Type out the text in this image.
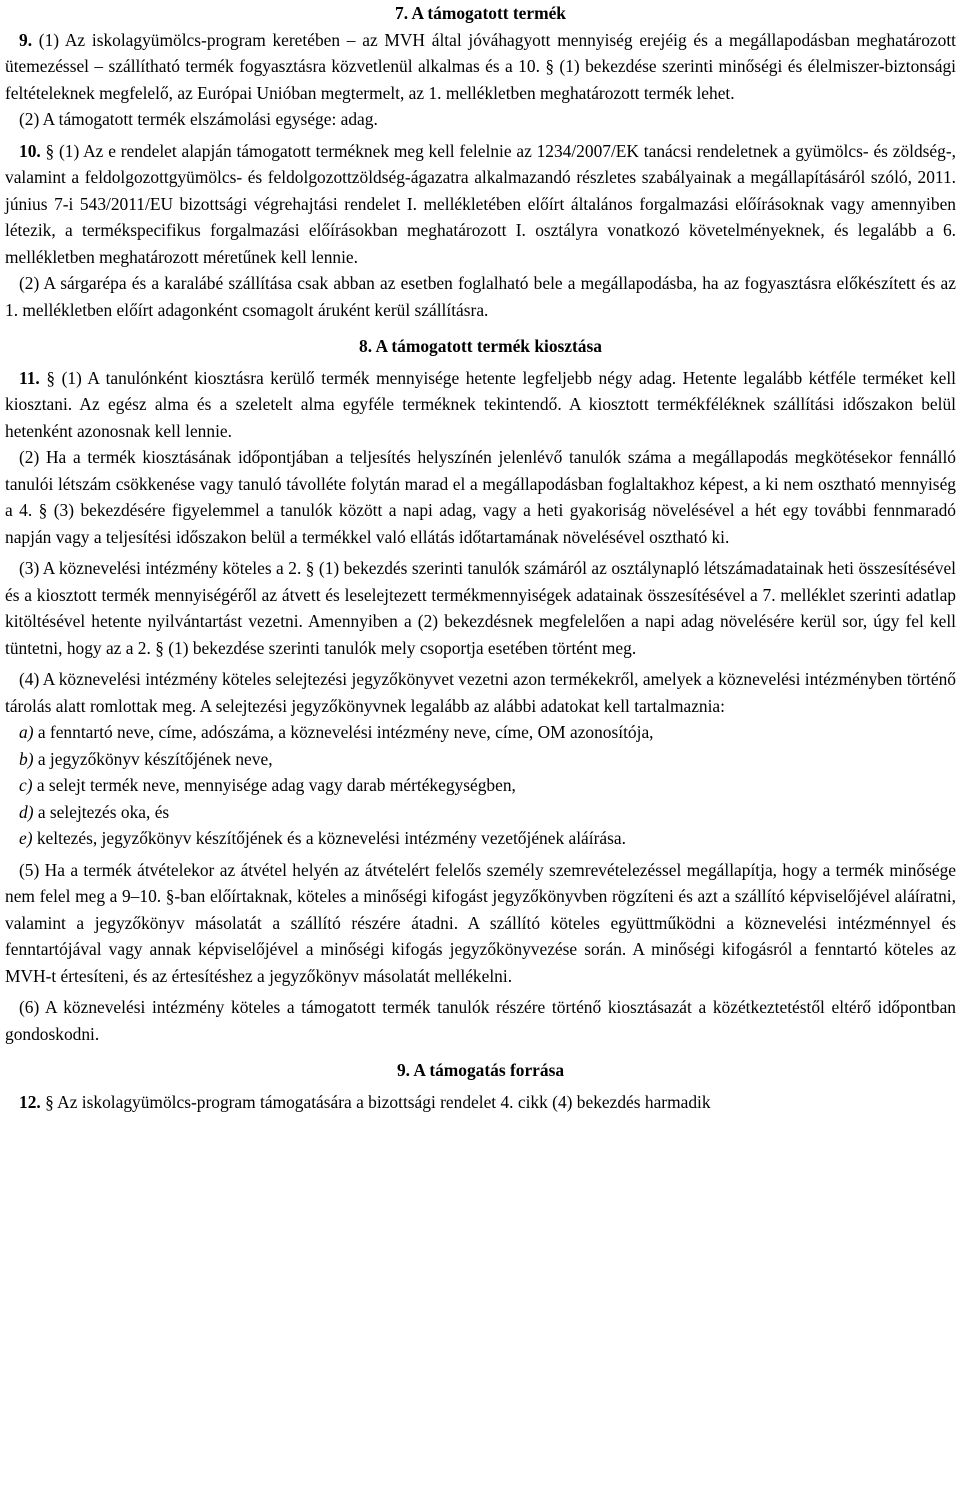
7. A támogatott termék

9. (1) Az iskolagyümölcs-program keretében – az MVH által jóváhagyott mennyiség erejéig és a megállapodásban meghatározott ütemezéssel – szállítható termék fogyasztásra közvetlenül alkalmas és a 10. § (1) bekezdése szerinti minőségi és élelmiszer-biztonsági feltételeknek megfelelő, az Európai Unióban megtermelt, az 1. mellékletben meghatározott termék lehet.

(2) A támogatott termék elszámolási egysége: adag.

10. § (1) Az e rendelet alapján támogatott terméknek meg kell felelnie az 1234/2007/EK tanácsi rendeletnek a gyümölcs- és zöldség-, valamint a feldolgozottgyümölcs- és feldolgozottzöldség-ágazatra alkalmazandó részletes szabályainak a megállapításáról szóló, 2011. június 7-i 543/2011/EU bizottsági végrehajtási rendelet I. mellékletében előírt általános forgalmazási előírásoknak vagy amennyiben létezik, a termékspecifikus forgalmazási előírásokban meghatározott I. osztályra vonatkozó követelményeknek, és legalább a 6. mellékletben meghatározott méretűnek kell lennie.

(2) A sárgarépa és a karalábé szállítása csak abban az esetben foglalható bele a megállapodásba, ha az fogyasztásra előkészített és az 1. mellékletben előírt adagonként csomagolt áruként kerül szállításra.

8. A támogatott termék kiosztása

11. § (1) A tanulónként kiosztásra kerülő termék mennyisége hetente legfeljebb négy adag. Hetente legalább kétféle terméket kell kiosztani. Az egész alma és a szeletelt alma egyféle terméknek tekintendő. A kiosztott termékféléknek szállítási időszakon belül hetenként azonosnak kell lennie.

(2) Ha a termék kiosztásának időpontjában a teljesítés helyszínén jelenlévő tanulók száma a megállapodás megkötésekor fennálló tanulói létszám csökkenése vagy tanuló távolléte folytán marad el a megállapodásban foglaltakhoz képest, a ki nem osztható mennyiség a 4. § (3) bekezdésére figyelemmel a tanulók között a napi adag, vagy a heti gyakoriság növelésével a hét egy további fennmaradó napján vagy a teljesítési időszakon belül a termékkel való ellátás időtartamának növelésével osztható ki.

(3) A köznevelési intézmény köteles a 2. § (1) bekezdés szerinti tanulók számáról az osztálynapló létszámadatainak heti összesítésével és a kiosztott termék mennyiségéről az átvett és leselejtezett termékmennyiségek adatainak összesítésével a 7. melléklet szerinti adatlap kitöltésével hetente nyilvántartást vezetni. Amennyiben a (2) bekezdésnek megfelelően a napi adag növelésére kerül sor, úgy fel kell tüntetni, hogy az a 2. § (1) bekezdése szerinti tanulók mely csoportja esetében történt meg.

(4) A köznevelési intézmény köteles selejtezési jegyzőkönyvet vezetni azon termékekről, amelyek a köznevelési intézményben történő tárolás alatt romlottak meg. A selejtezési jegyzőkönyvnek legalább az alábbi adatokat kell tartalmaznia:

a) a fenntartó neve, címe, adószáma, a köznevelési intézmény neve, címe, OM azonosítója,

b) a jegyzőkönyv készítőjének neve,

c) a selejt termék neve, mennyisége adag vagy darab mértékegységben,

d) a selejtezés oka, és

e) keltezés, jegyzőkönyv készítőjének és a köznevelési intézmény vezetőjének aláírása.

(5) Ha a termék átvételekor az átvétel helyén az átvételért felelős személy szemrevételezéssel megállapítja, hogy a termék minősége nem felel meg a 9–10. §-ban előírtaknak, köteles a minőségi kifogást jegyzőkönyvben rögzíteni és azt a szállító képviselőjével aláíratni, valamint a jegyzőkönyv másolatát a szállító részére átadni. A szállító köteles együttműködni a köznevelési intézménnyel és fenntartójával vagy annak képviselőjével a minőségi kifogás jegyzőkönyvezése során. A minőségi kifogásról a fenntartó köteles az MVH-t értesíteni, és az értesítéshez a jegyzőkönyv másolatát mellékelni.

(6) A köznevelési intézmény köteles a támogatott termék tanulók részére történő kiosztásazát a közétkeztetéstől eltérő időpontban gondoskodni.

9. A támogatás forrása

12. § Az iskolagyümölcs-program támogatására a bizottsági rendelet 4. cikk (4) bekezdés harmadik
